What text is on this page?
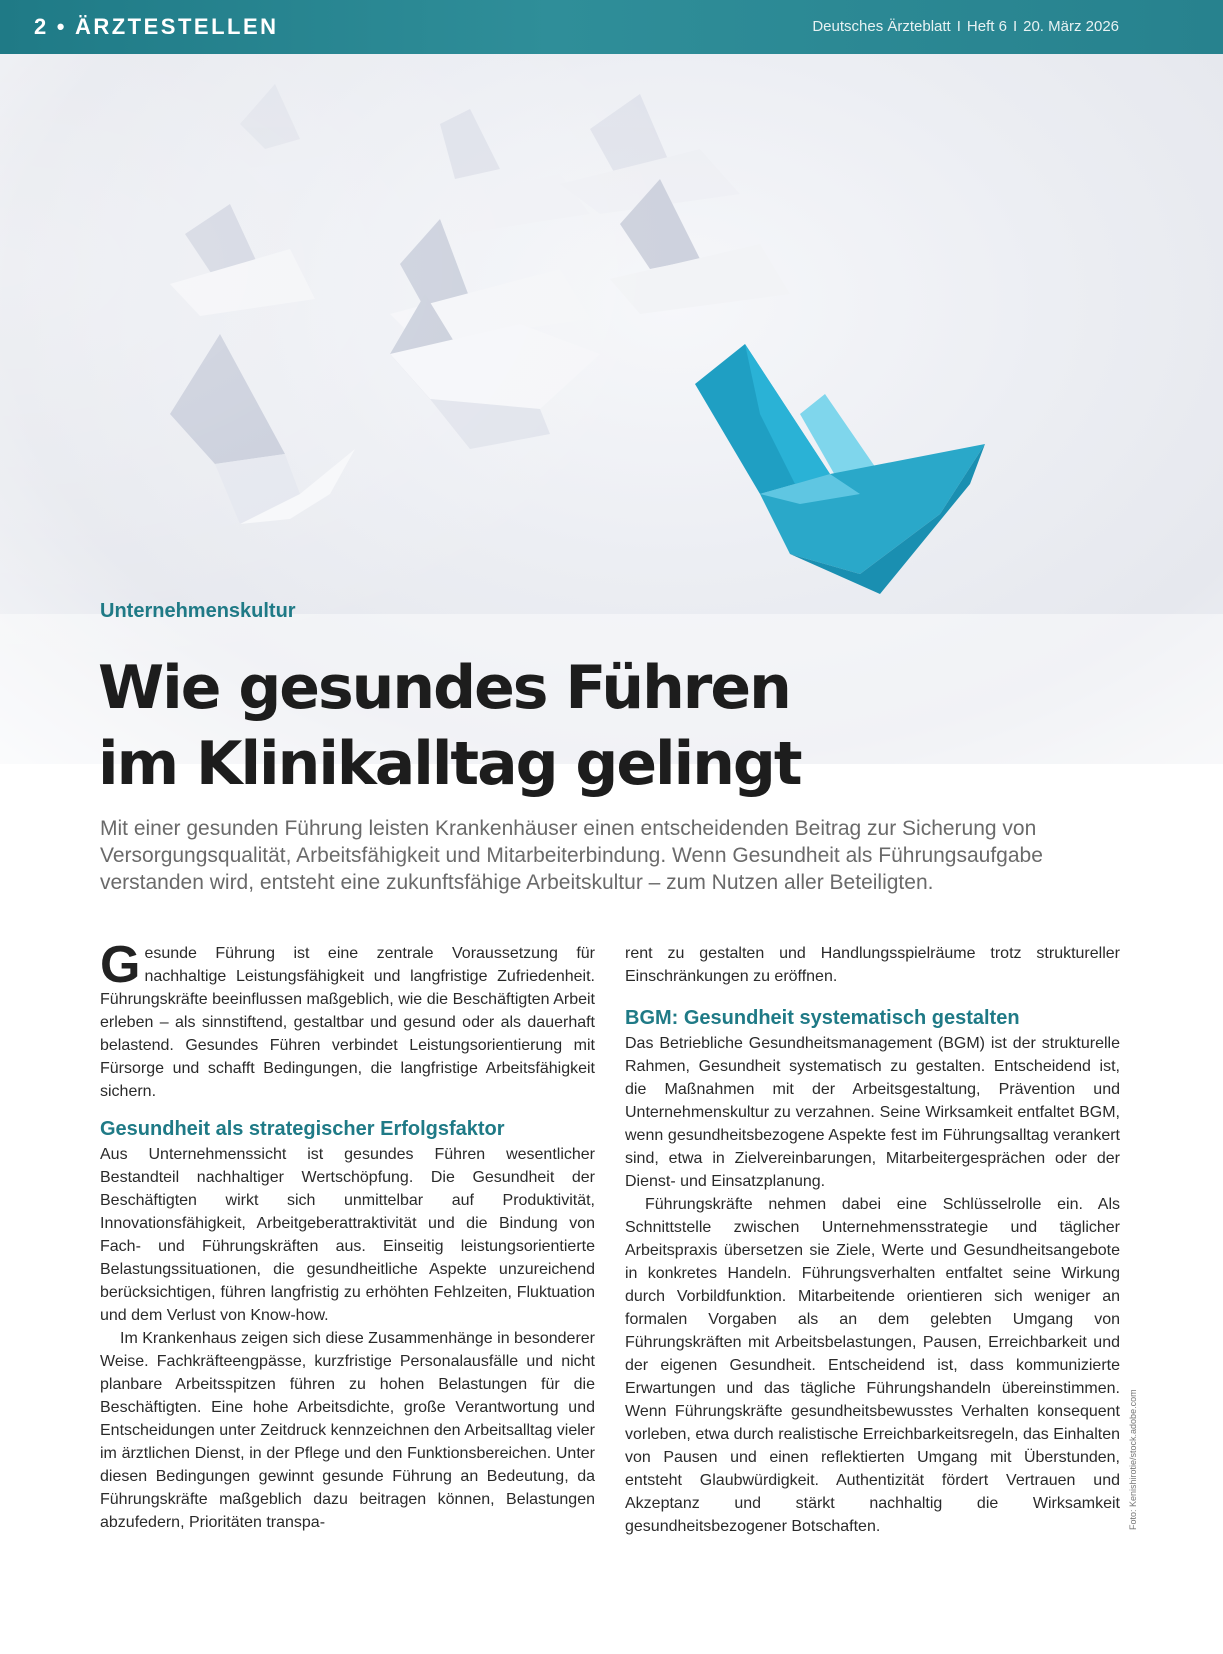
2 • ÄRZTESTELLEN	Deutsches Ärzteblatt I Heft 6 I 20. März 2026
Unternehmenskultur
Wie gesundes Führen
im Klinikalltag gelingt
Mit einer gesunden Führung leisten Krankenhäuser einen entscheidenden Beitrag zur Sicherung von Versorgungsqualität, Arbeitsfähigkeit und Mitarbeiterbindung. Wenn Gesundheit als Führungsaufgabe verstanden wird, entsteht eine zukunftsfähige Arbeitskultur – zum Nutzen aller Beteiligten.

Gesunde Führung ist eine zentrale Voraussetzung für nachhaltige Leistungsfähigkeit und langfristige Zufriedenheit. Führungskräfte beeinflussen maßgeblich, wie die Beschäftigten Arbeit erleben – als sinnstiftend, gestaltbar und gesund oder als dauerhaft belastend. Gesundes Führen verbindet Leistungsorientierung mit Fürsorge und schafft Bedingungen, die langfristige Arbeitsfähigkeit sichern.

Gesundheit als strategischer Erfolgsfaktor

Aus Unternehmenssicht ist gesundes Führen wesentlicher Bestandteil nachhaltiger Wertschöpfung. Die Gesundheit der Beschäftigten wirkt sich unmittelbar auf Produktivität, Innovationsfähigkeit, Arbeitgeberattraktivität und die Bindung von Fach- und Führungskräften aus. Einseitig leistungsorientierte Belastungssituationen, die gesundheitliche Aspekte unzureichend berücksichtigen, führen langfristig zu erhöhten Fehlzeiten, Fluktuation und dem Verlust von Know-how.

Im Krankenhaus zeigen sich diese Zusammenhänge in besonderer Weise. Fachkräfteengpässe, kurzfristige Personalausfälle und nicht planbare Arbeitsspitzen führen zu hohen Belastungen für die Beschäftigten. Eine hohe Arbeitsdichte, große Verantwortung und Entscheidungen unter Zeitdruck kennzeichnen den Arbeitsalltag vieler im ärztlichen Dienst, in der Pflege und den Funktionsbereichen. Unter diesen Bedingungen gewinnt gesunde Führung an Bedeutung, da Führungskräfte maßgeblich dazu beitragen können, Belastungen abzufedern, Prioritäten transpa-

rent zu gestalten und Handlungsspielräume trotz struktureller Einschränkungen zu eröffnen.

BGM: Gesundheit systematisch gestalten

Das Betriebliche Gesundheitsmanagement (BGM) ist der strukturelle Rahmen, Gesundheit systematisch zu gestalten. Entscheidend ist, die Maßnahmen mit der Arbeitsgestaltung, Prävention und Unternehmenskultur zu verzahnen. Seine Wirksamkeit entfaltet BGM, wenn gesundheitsbezogene Aspekte fest im Führungsalltag verankert sind, etwa in Zielvereinbarungen, Mitarbeitergesprächen oder der Dienst- und Einsatzplanung.

Führungskräfte nehmen dabei eine Schlüsselrolle ein. Als Schnittstelle zwischen Unternehmensstrategie und täglicher Arbeitspraxis übersetzen sie Ziele, Werte und Gesundheitsangebote in konkretes Handeln. Führungsverhalten entfaltet seine Wirkung durch Vorbildfunktion. Mitarbeitende orientieren sich weniger an formalen Vorgaben als an dem gelebten Umgang von Führungskräften mit Arbeitsbelastungen, Pausen, Erreichbarkeit und der eigenen Gesundheit. Entscheidend ist, dass kommunizierte Erwartungen und das tägliche Führungshandeln übereinstimmen. Wenn Führungskräfte gesundheitsbewusstes Verhalten konsequent vorleben, etwa durch realistische Erreichbarkeitsregeln, das Einhalten von Pausen und einen reflektierten Umgang mit Überstunden, entsteht Glaubwürdigkeit. Authentizität fördert Vertrauen und Akzeptanz und stärkt nachhaltig die Wirksamkeit gesundheitsbezogener Botschaften.	Foto: Kenishirotie/stock.adobe.com
